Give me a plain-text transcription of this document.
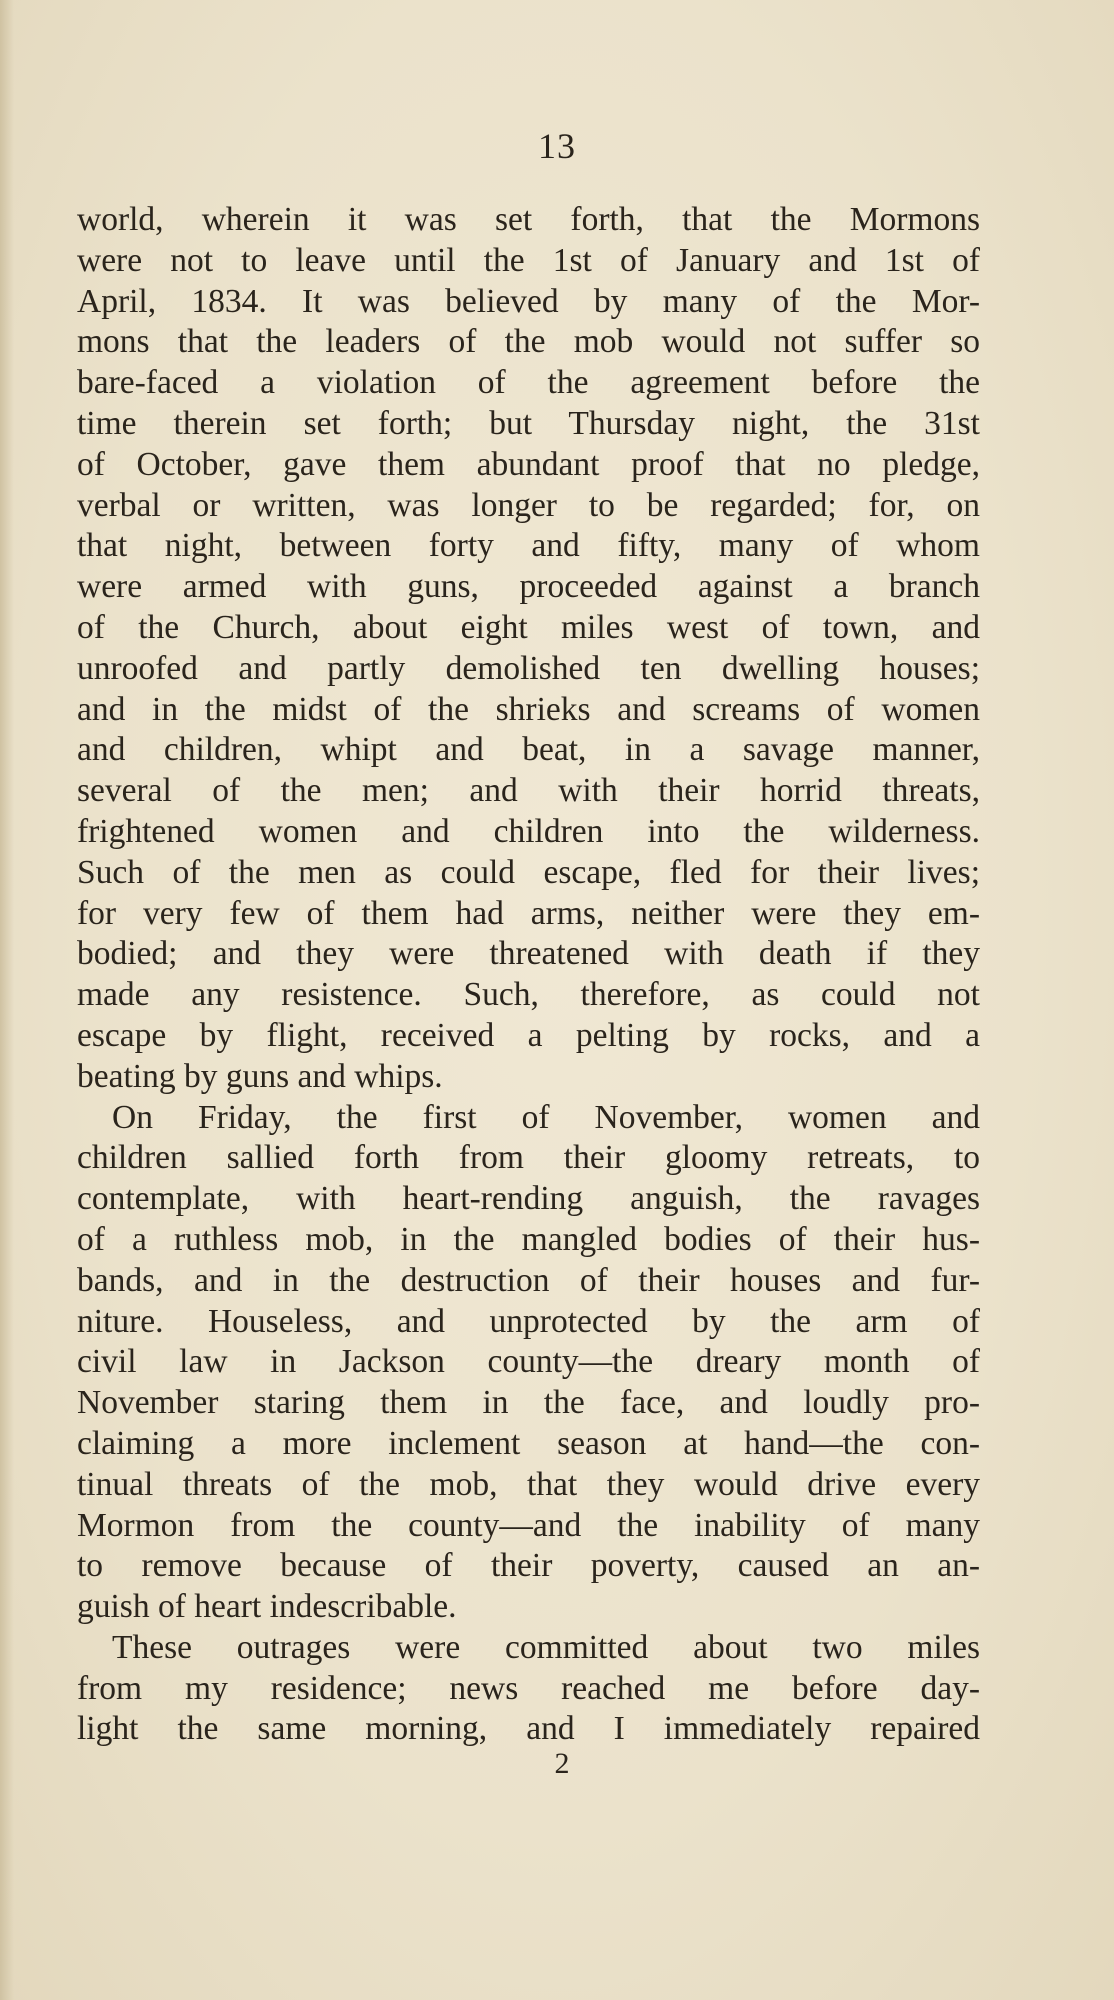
13
world, wherein it was set forth, that the Mormons
were not to leave until the 1st of January and 1st of
April, 1834. It was believed by many of the Mor-
mons that the leaders of the mob would not suffer so
bare-faced a violation of the agreement before the
time therein set forth; but Thursday night, the 31st
of October, gave them abundant proof that no pledge,
verbal or written, was longer to be regarded; for, on
that night, between forty and fifty, many of whom
were armed with guns, proceeded against a branch
of the Church, about eight miles west of town, and
unroofed and partly demolished ten dwelling houses;
and in the midst of the shrieks and screams of women
and children, whipt and beat, in a savage manner,
several of the men; and with their horrid threats,
frightened women and children into the wilderness.
Such of the men as could escape, fled for their lives;
for very few of them had arms, neither were they em-
bodied; and they were threatened with death if they
made any resistence. Such, therefore, as could not
escape by flight, received a pelting by rocks, and a
beating by guns and whips.
On Friday, the first of November, women and
children sallied forth from their gloomy retreats, to
contemplate, with heart-rending anguish, the ravages
of a ruthless mob, in the mangled bodies of their hus-
bands, and in the destruction of their houses and fur-
niture. Houseless, and unprotected by the arm of
civil law in Jackson county—the dreary month of
November staring them in the face, and loudly pro-
claiming a more inclement season at hand—the con-
tinual threats of the mob, that they would drive every
Mormon from the county—and the inability of many
to remove because of their poverty, caused an an-
guish of heart indescribable.
These outrages were committed about two miles
from my residence; news reached me before day-
light the same morning, and I immediately repaired
2
